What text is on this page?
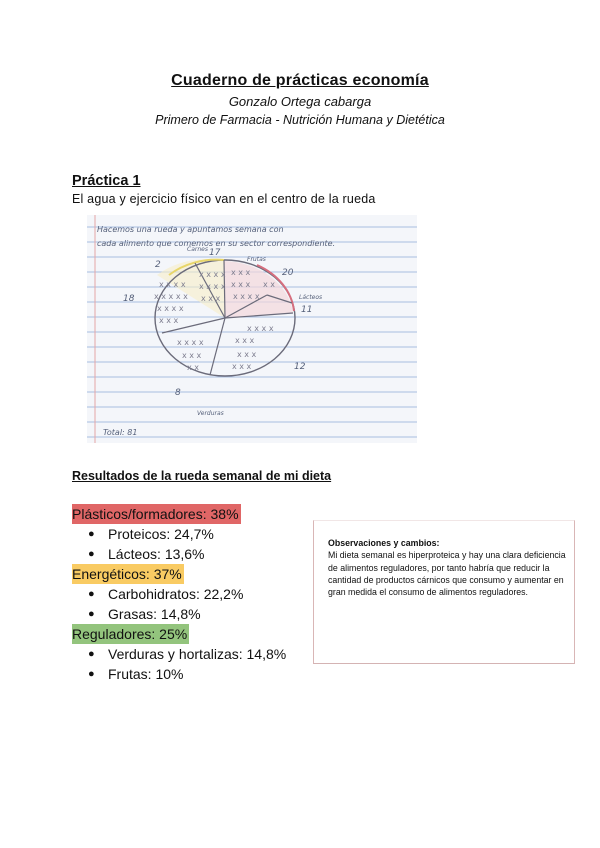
Cuaderno de prácticas economía
Gonzalo Ortega cabarga
Primero de Farmacia - Nutrición Humana y Dietética
Práctica 1
El agua y ejercicio físico van en el centro de la rueda
x x x x
x x x x x
x x x x
x x x
x x x x
x x x x
x x x
x x x
x x x
x x x x
x x
x x x
x x x
x x x x
x x x
x x x x
x x x
x x
Hacemos una rueda y apuntamos semana con
cada alimento que comemos en su sector correspondiente.
Total: 81
17
20
11
12
8
18
2
Lácteos
Frutas
Verduras
Carnes
Resultados de la rueda semanal de mi dieta
Plásticos/formadores: 38%
● Proteicos: 24,7%
● Lácteos: 13,6%
Energéticos: 37%
● Carbohidratos: 22,2%
● Grasas: 14,8%
Reguladores: 25%
● Verduras y hortalizas: 14,8%
● Frutas: 10%
Observaciones y cambios:
Mi dieta semanal es hiperproteica y hay una clara deficiencia de alimentos reguladores, por tanto habría que reducir la cantidad de productos cárnicos que consumo y aumentar en gran medida el consumo de alimentos reguladores.
